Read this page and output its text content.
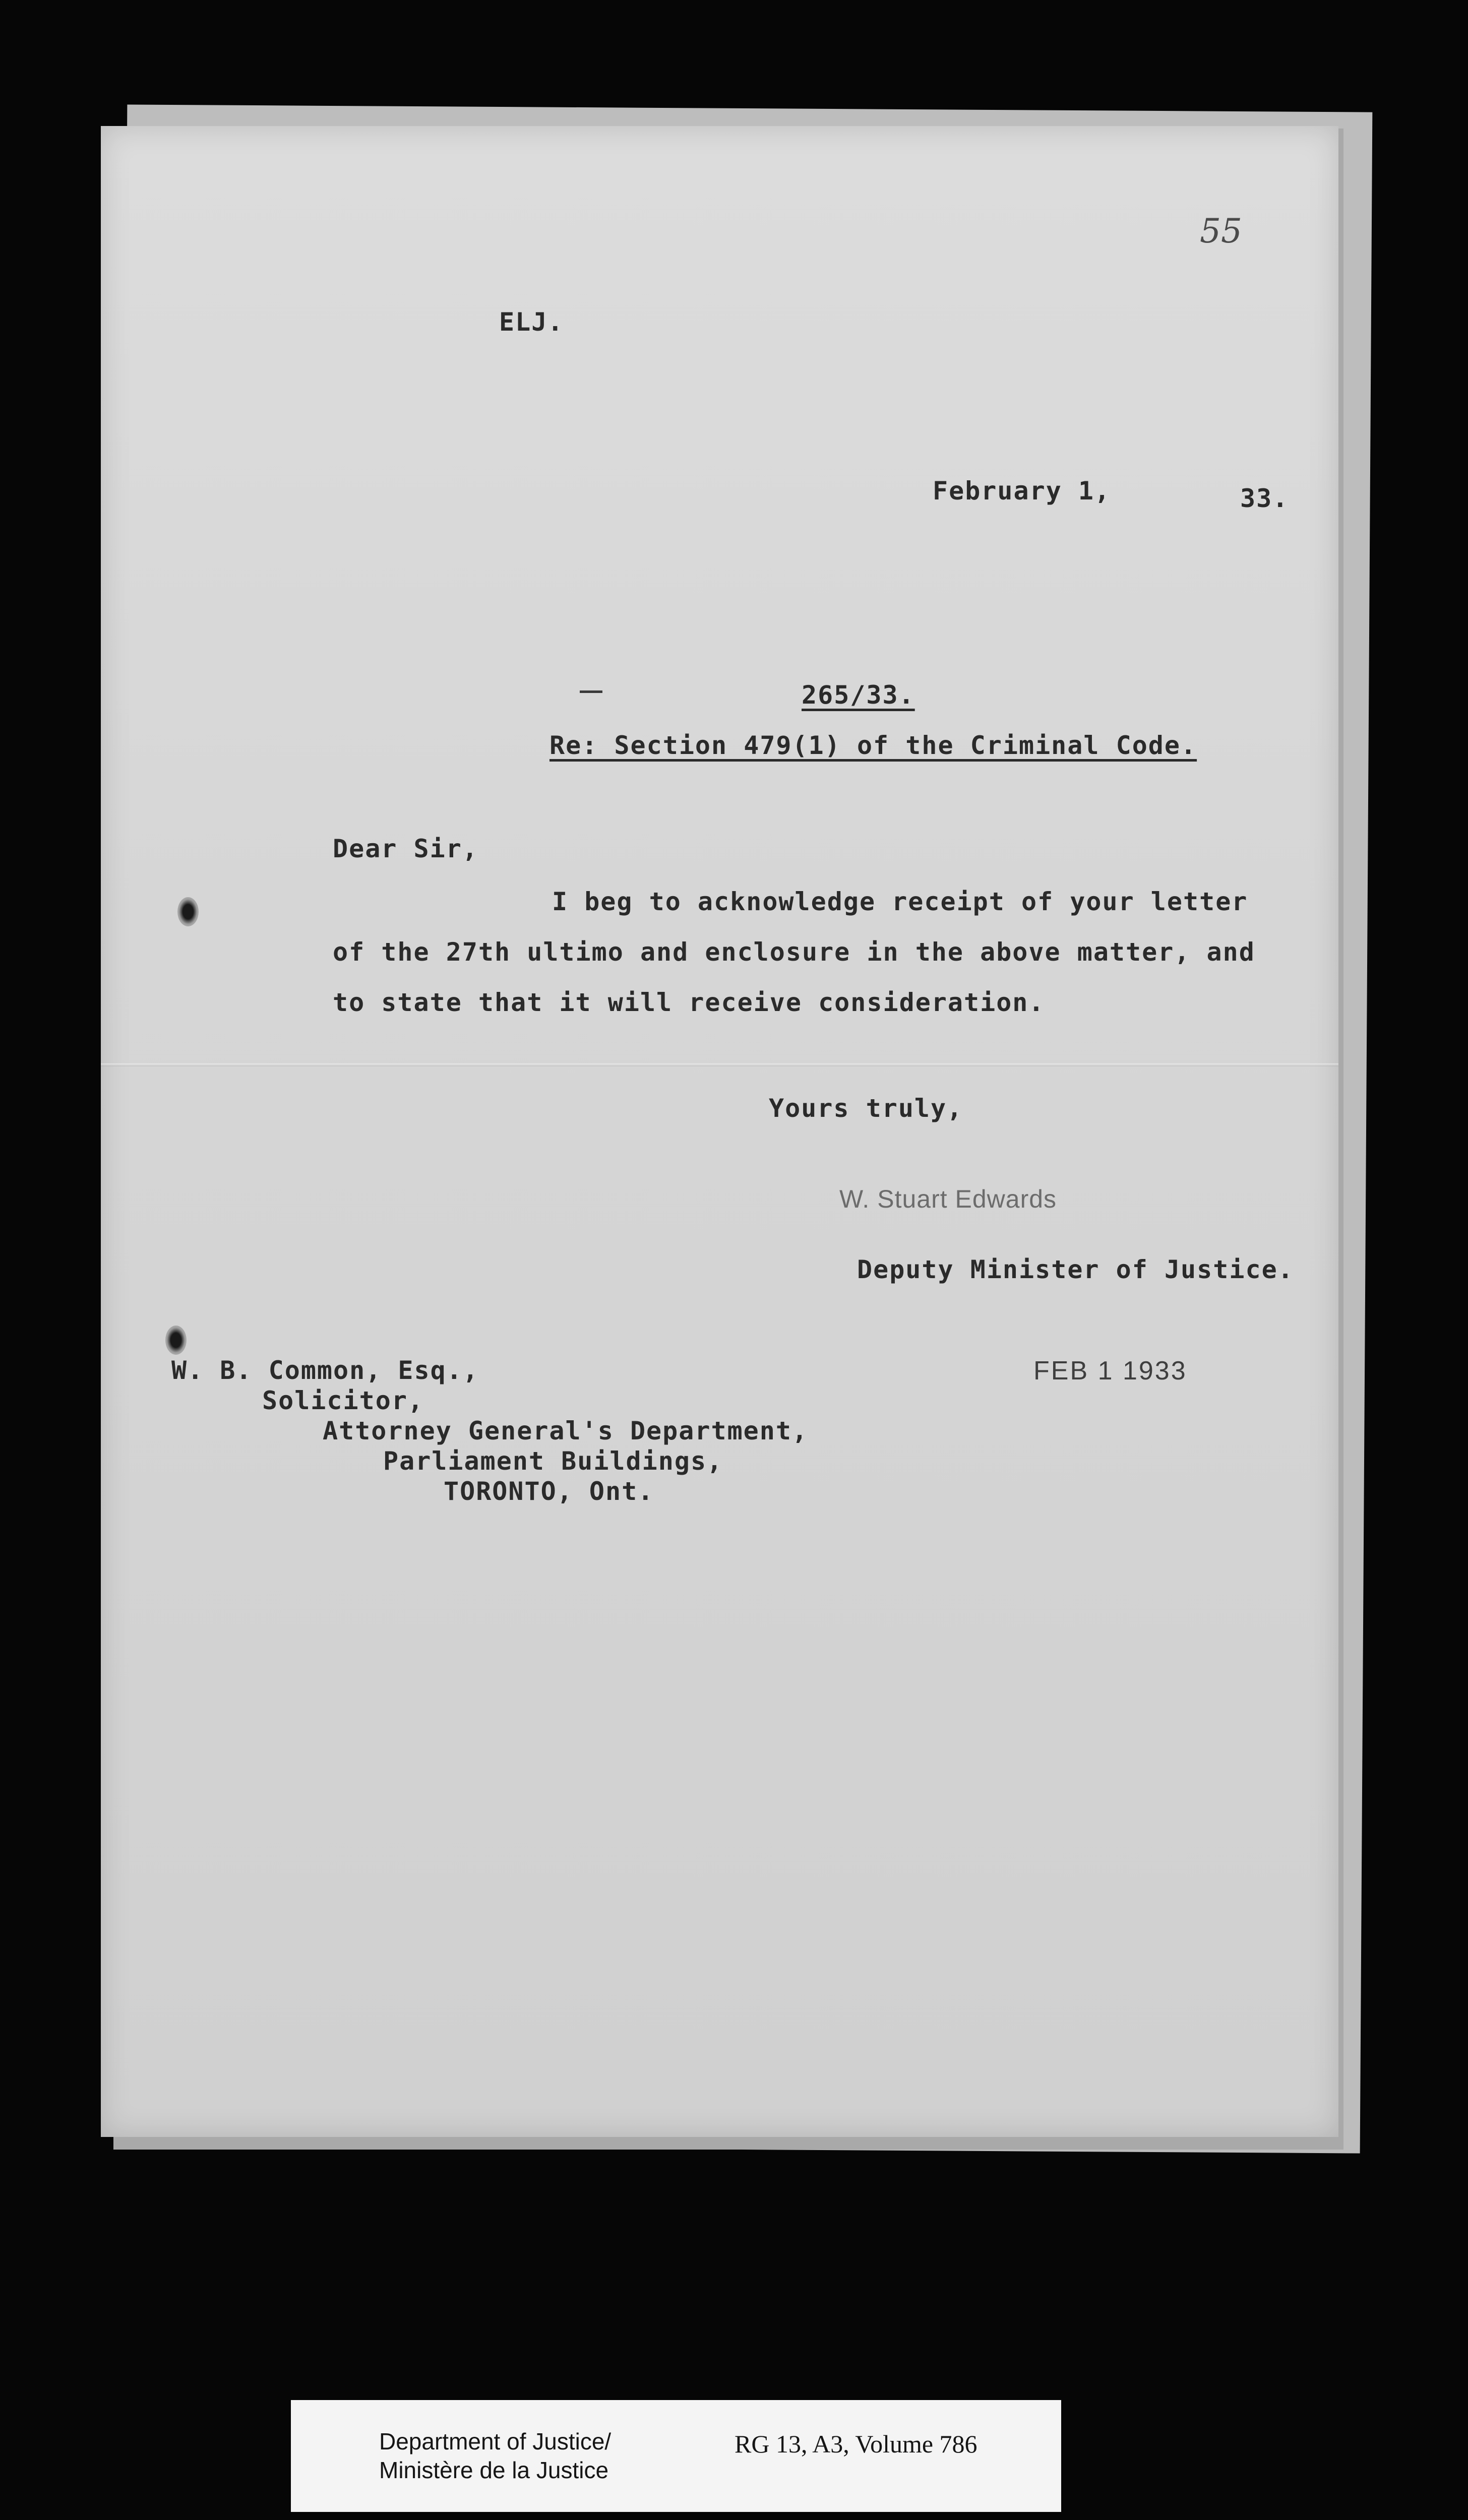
55
ELJ.
February 1,	33.
265/33.
Re: Section 479(1) of the Criminal Code.
Dear Sir,
I beg to acknowledge receipt of your letter
of the 27th ultimo and enclosure in the above matter, and
to state that it will receive consideration.
Yours truly,
W. Stuart Edwards
Deputy Minister of Justice.
FEB 1 1933
W. B. Common, Esq.,
Solicitor,
Attorney General's Department,
Parliament Buildings,
TORONTO, Ont.
Department of Justice/
Ministère de la Justice
RG 13, A3, Volume 786
